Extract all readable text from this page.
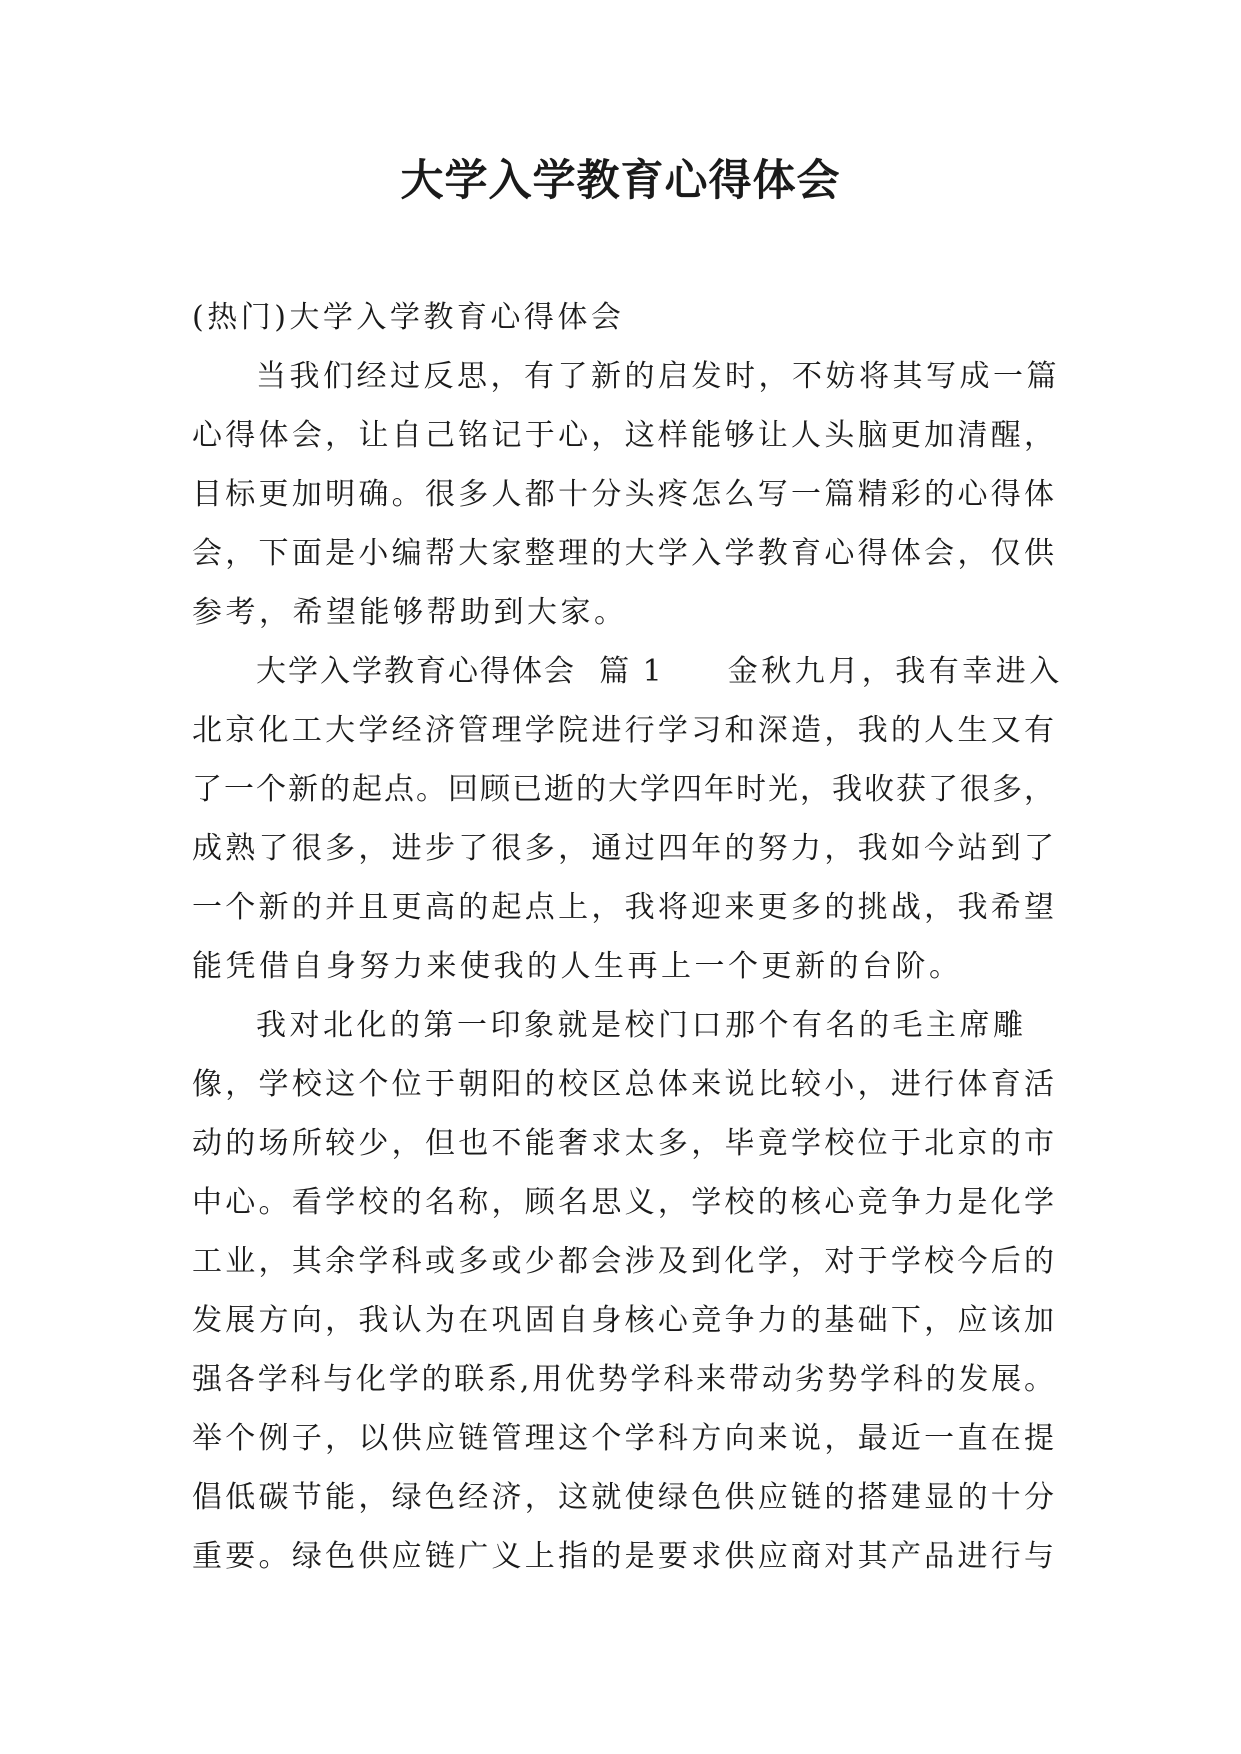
大学入学教育心得体会
(热门)大学入学教育心得体会
当我们经过反思，有了新的启发时，不妨将其写成一篇
心得体会，让自己铭记于心，这样能够让人头脑更加清醒，
目标更加明确。很多人都十分头疼怎么写一篇精彩的心得体
会，下面是小编帮大家整理的大学入学教育心得体会，仅供
参考，希望能够帮助到大家。
大学入学教育心得体会  篇 1 金秋九月，我有幸进入
北京化工大学经济管理学院进行学习和深造，我的人生又有
了一个新的起点。回顾已逝的大学四年时光，我收获了很多，
成熟了很多，进步了很多，通过四年的努力，我如今站到了
一个新的并且更高的起点上，我将迎来更多的挑战，我希望
能凭借自身努力来使我的人生再上一个更新的台阶。
我对北化的第一印象就是校门口那个有名的毛主席雕
像，学校这个位于朝阳的校区总体来说比较小，进行体育活
动的场所较少，但也不能奢求太多，毕竟学校位于北京的市
中心。看学校的名称，顾名思义，学校的核心竞争力是化学
工业，其余学科或多或少都会涉及到化学，对于学校今后的
发展方向，我认为在巩固自身核心竞争力的基础下，应该加
强各学科与化学的联系,用优势学科来带动劣势学科的发展。
举个例子，以供应链管理这个学科方向来说，最近一直在提
倡低碳节能，绿色经济，这就使绿色供应链的搭建显的十分
重要。绿色供应链广义上指的是要求供应商对其产品进行与
